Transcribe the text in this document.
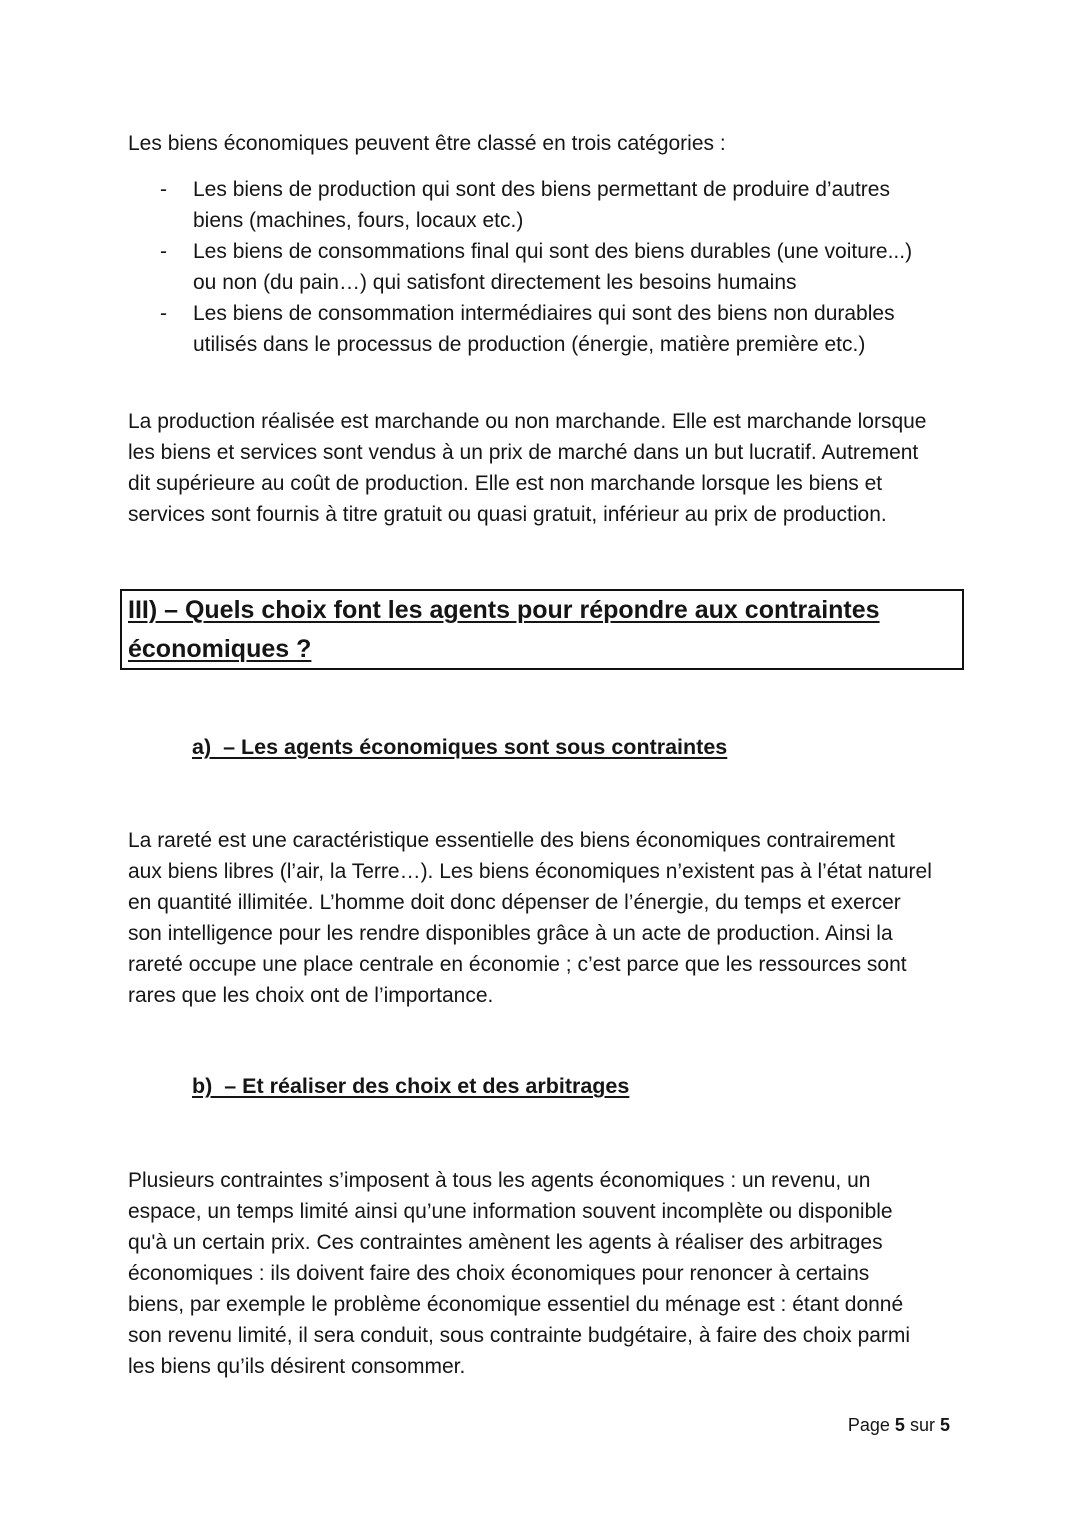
Les biens économiques peuvent être classé en trois catégories :
-	Les biens de production qui sont des biens permettant de produire d’autres
biens (machines, fours, locaux etc.)
-	Les biens de consommations final qui sont des biens durables (une voiture...)
ou non (du pain…) qui satisfont directement les besoins humains
-	Les biens de consommation intermédiaires qui sont des biens non durables
utilisés dans le processus de production (énergie, matière première etc.)
La production réalisée est marchande ou non marchande. Elle est marchande lorsque
les biens et services sont vendus à un prix de marché dans un but lucratif. Autrement
dit supérieure au coût de production. Elle est non marchande lorsque les biens et
services sont fournis à titre gratuit ou quasi gratuit, inférieur au prix de production.
III) – Quels choix font les agents pour répondre aux contraintes
économiques ?
a)  – Les agents économiques sont sous contraintes
La rareté est une caractéristique essentielle des biens économiques contrairement
aux biens libres (l’air, la Terre…). Les biens économiques n’existent pas à l’état naturel
en quantité illimitée. L’homme doit donc dépenser de l’énergie, du temps et exercer
son intelligence pour les rendre disponibles grâce à un acte de production. Ainsi la
rareté occupe une place centrale en économie ; c’est parce que les ressources sont
rares que les choix ont de l’importance.
b)  – Et réaliser des choix et des arbitrages
Plusieurs contraintes s’imposent à tous les agents économiques : un revenu, un
espace, un temps limité ainsi qu’une information souvent incomplète ou disponible
qu'à un certain prix. Ces contraintes amènent les agents à réaliser des arbitrages
économiques : ils doivent faire des choix économiques pour renoncer à certains
biens, par exemple le problème économique essentiel du ménage est : étant donné
son revenu limité, il sera conduit, sous contrainte budgétaire, à faire des choix parmi
les biens qu’ils désirent consommer.
Page 5 sur 5
